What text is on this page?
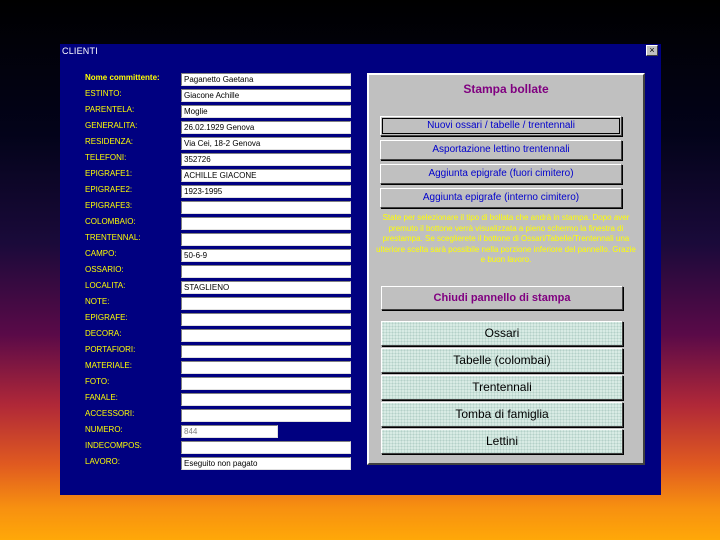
CLIENTI	×
Nome committente:	Paganetto Gaetana
ESTINTO:	Giacone Achille
PARENTELA:	Moglie
GENERALITA:	26.02.1929 Genova
RESIDENZA:	Via Cei, 18-2 Genova
TELEFONI:	352726
EPIGRAFE1:	ACHILLE GIACONE
EPIGRAFE2:	1923-1995
EPIGRAFE3:
COLOMBAIO:
TRENTENNAL:
CAMPO:	50-6-9
OSSARIO:
LOCALITA:	STAGLIENO
NOTE:
EPIGRAFE:
DECORA:
PORTAFIORI:
MATERIALE:
FOTO:
FANALE:
ACCESSORI:
NUMERO:	844
INDECOMPOS:
LAVORO:	Eseguito non pagato
Stampa bollate
Nuovi ossari / tabelle / trentennali
Asportazione lettino trentennali
Aggiunta epigrafe (fuori cimitero)
Aggiunta epigrafe (interno cimitero)
State per selezionare il tipo di bollata che andrà in stampa. Dopo aver premuto il bottone verrà visualizzata a pieno schermo la finestra di prestampa. Se sceglierete il bottone di Ossari/Tabelle/Trentennali una ulteriore scelta sarà possibile nella porzione inferiore del pannello. Grazie e buon lavoro.
Chiudi pannello di stampa
Ossari
Tabelle (colombai)
Trentennali
Tomba di famiglia
Lettini
